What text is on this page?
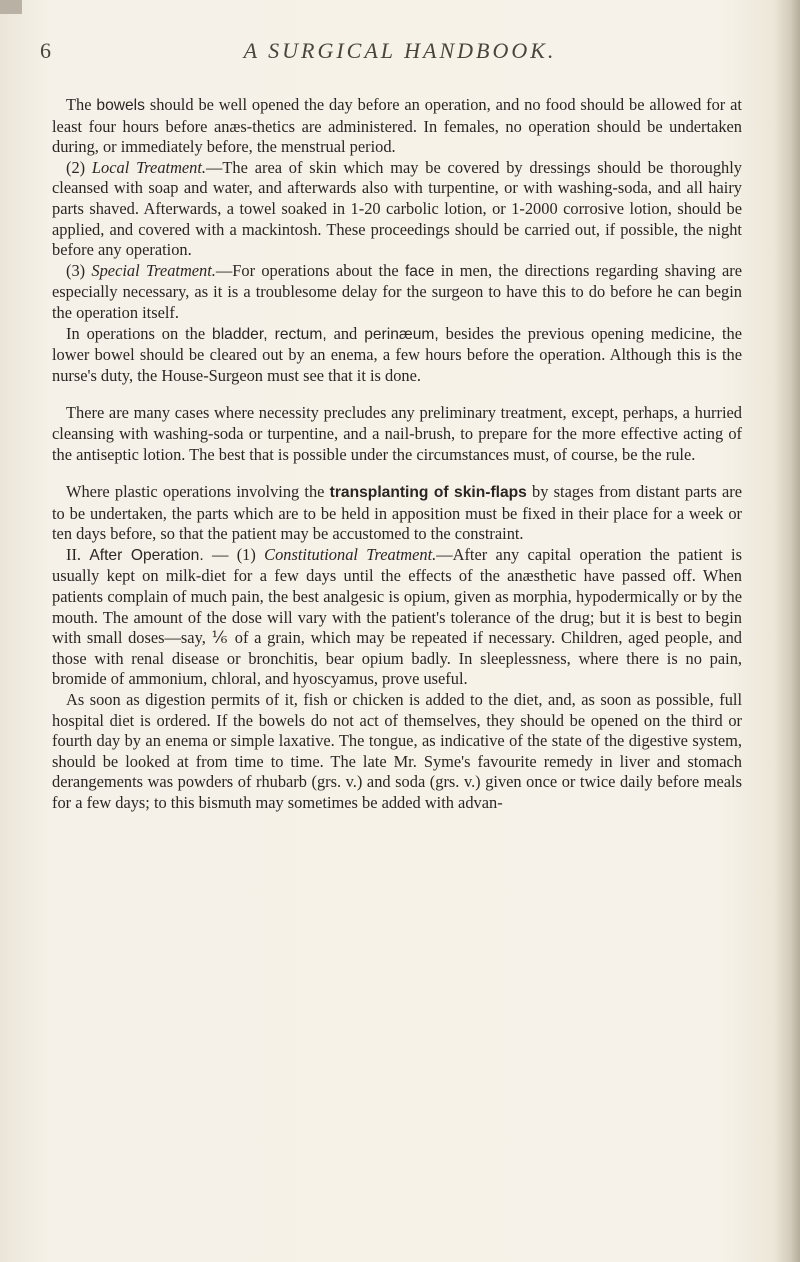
6	A SURGICAL HANDBOOK.

The bowels should be well opened the day before an operation, and no food should be allowed for at least four hours before anæs-thetics are administered. In females, no operation should be undertaken during, or immediately before, the menstrual period.

(2) Local Treatment.—The area of skin which may be covered by dressings should be thoroughly cleansed with soap and water, and afterwards also with turpentine, or with washing-soda, and all hairy parts shaved. Afterwards, a towel soaked in 1-20 carbolic lotion, or 1-2000 corrosive lotion, should be applied, and covered with a mackintosh. These proceedings should be carried out, if possible, the night before any operation.

(3) Special Treatment.—For operations about the face in men, the directions regarding shaving are especially necessary, as it is a troublesome delay for the surgeon to have this to do before he can begin the operation itself.

In operations on the bladder, rectum, and perinæum, besides the previous opening medicine, the lower bowel should be cleared out by an enema, a few hours before the operation. Although this is the nurse's duty, the House-Surgeon must see that it is done.

There are many cases where necessity precludes any preliminary treatment, except, perhaps, a hurried cleansing with washing-soda or turpentine, and a nail-brush, to prepare for the more effective acting of the antiseptic lotion. The best that is possible under the circumstances must, of course, be the rule.

Where plastic operations involving the transplanting of skin-flaps by stages from distant parts are to be undertaken, the parts which are to be held in apposition must be fixed in their place for a week or ten days before, so that the patient may be accustomed to the constraint.

II. After Operation. — (1) Constitutional Treatment.—After any capital operation the patient is usually kept on milk-diet for a few days until the effects of the anæsthetic have passed off. When patients complain of much pain, the best analgesic is opium, given as morphia, hypodermically or by the mouth. The amount of the dose will vary with the patient's tolerance of the drug; but it is best to begin with small doses—say, ⅙ of a grain, which may be repeated if necessary. Children, aged people, and those with renal disease or bronchitis, bear opium badly. In sleeplessness, where there is no pain, bromide of ammonium, chloral, and hyoscyamus, prove useful.

As soon as digestion permits of it, fish or chicken is added to the diet, and, as soon as possible, full hospital diet is ordered. If the bowels do not act of themselves, they should be opened on the third or fourth day by an enema or simple laxative. The tongue, as indicative of the state of the digestive system, should be looked at from time to time. The late Mr. Syme's favourite remedy in liver and stomach derangements was powders of rhubarb (grs. v.) and soda (grs. v.) given once or twice daily before meals for a few days; to this bismuth may sometimes be added with advan-
